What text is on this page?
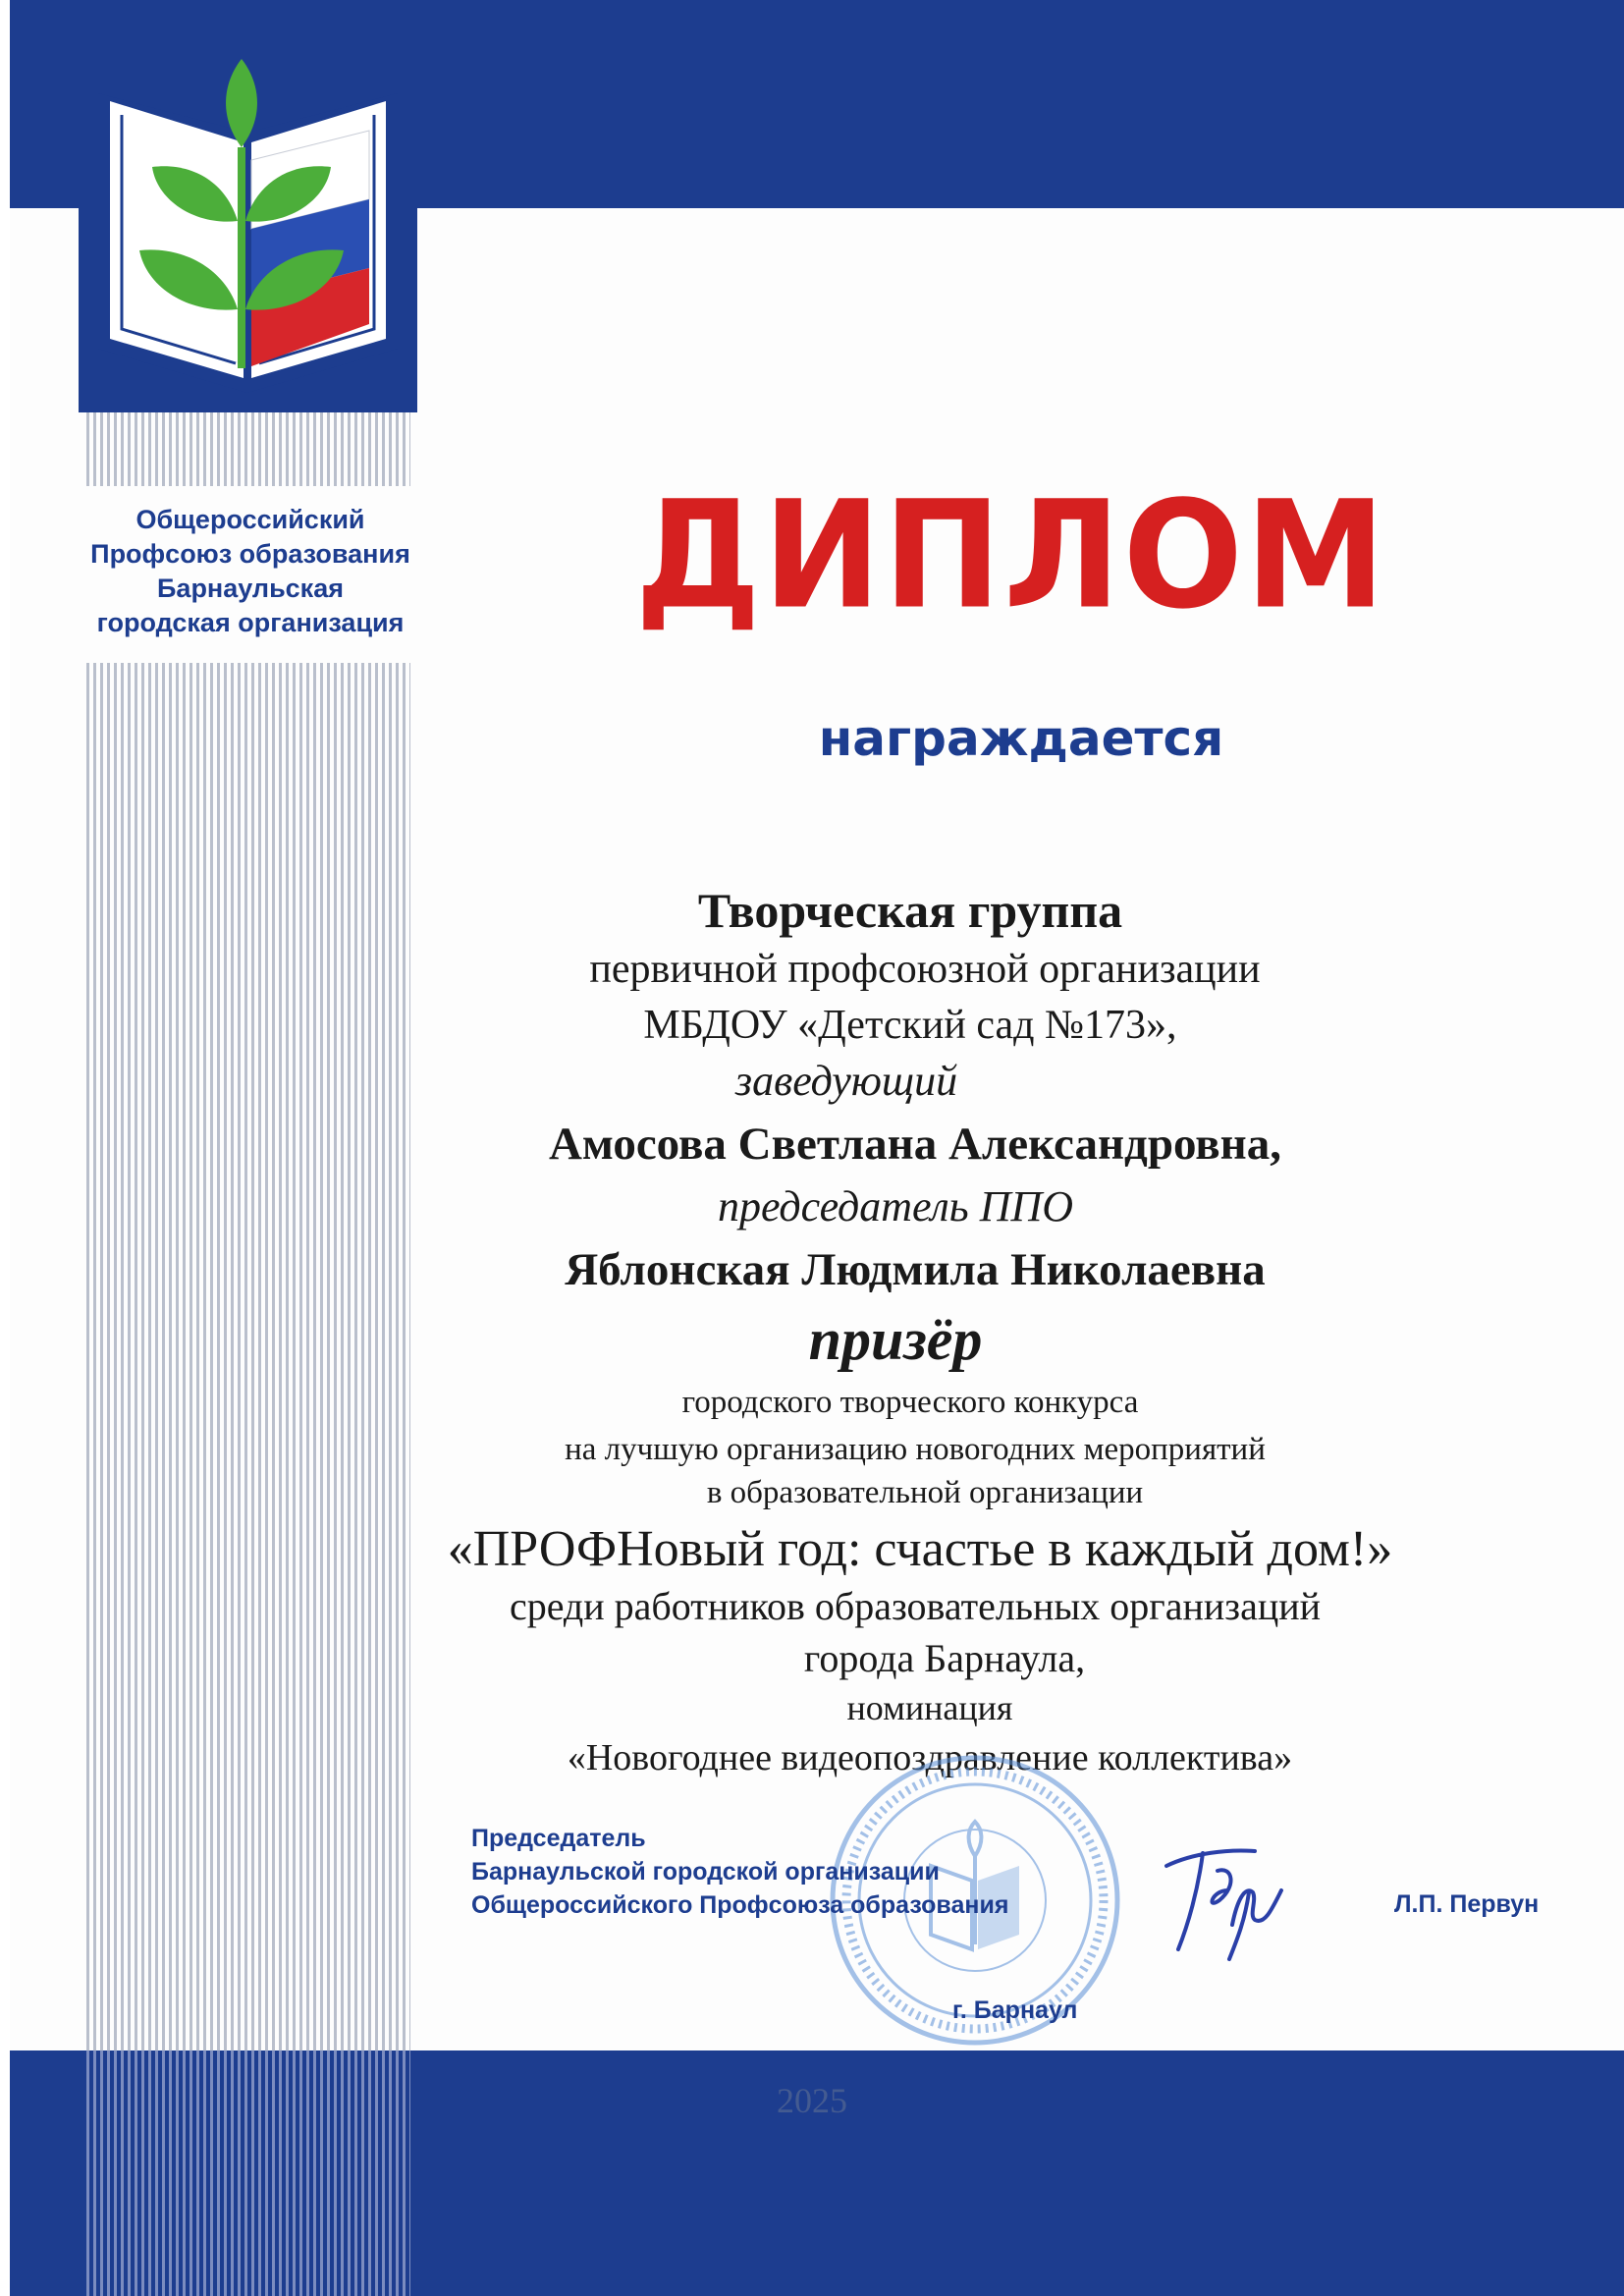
Общероссийский
Профсоюз образования
Барнаульская
городская организация	ДИПЛОМ
награждается
Творческая группа
первичной профсоюзной организации
МБДОУ «Детский сад №173»,
заведующий
Амосова Светлана Александровна,
председатель ППО
Яблонская Людмила Николаевна
призёр
городского творческого конкурса
на лучшую организацию новогодних мероприятий
в образовательной организации
«ПРОФНовый год: счастье в каждый дом!»
среди работников образовательных организаций
города Барнаула,
номинация
«Новогоднее видеопоздравление коллектива»
Председатель
Барнаульской городской организации
Общероссийского Профсоюза образования	Л.П. Первун
г. Барнаул
2025
